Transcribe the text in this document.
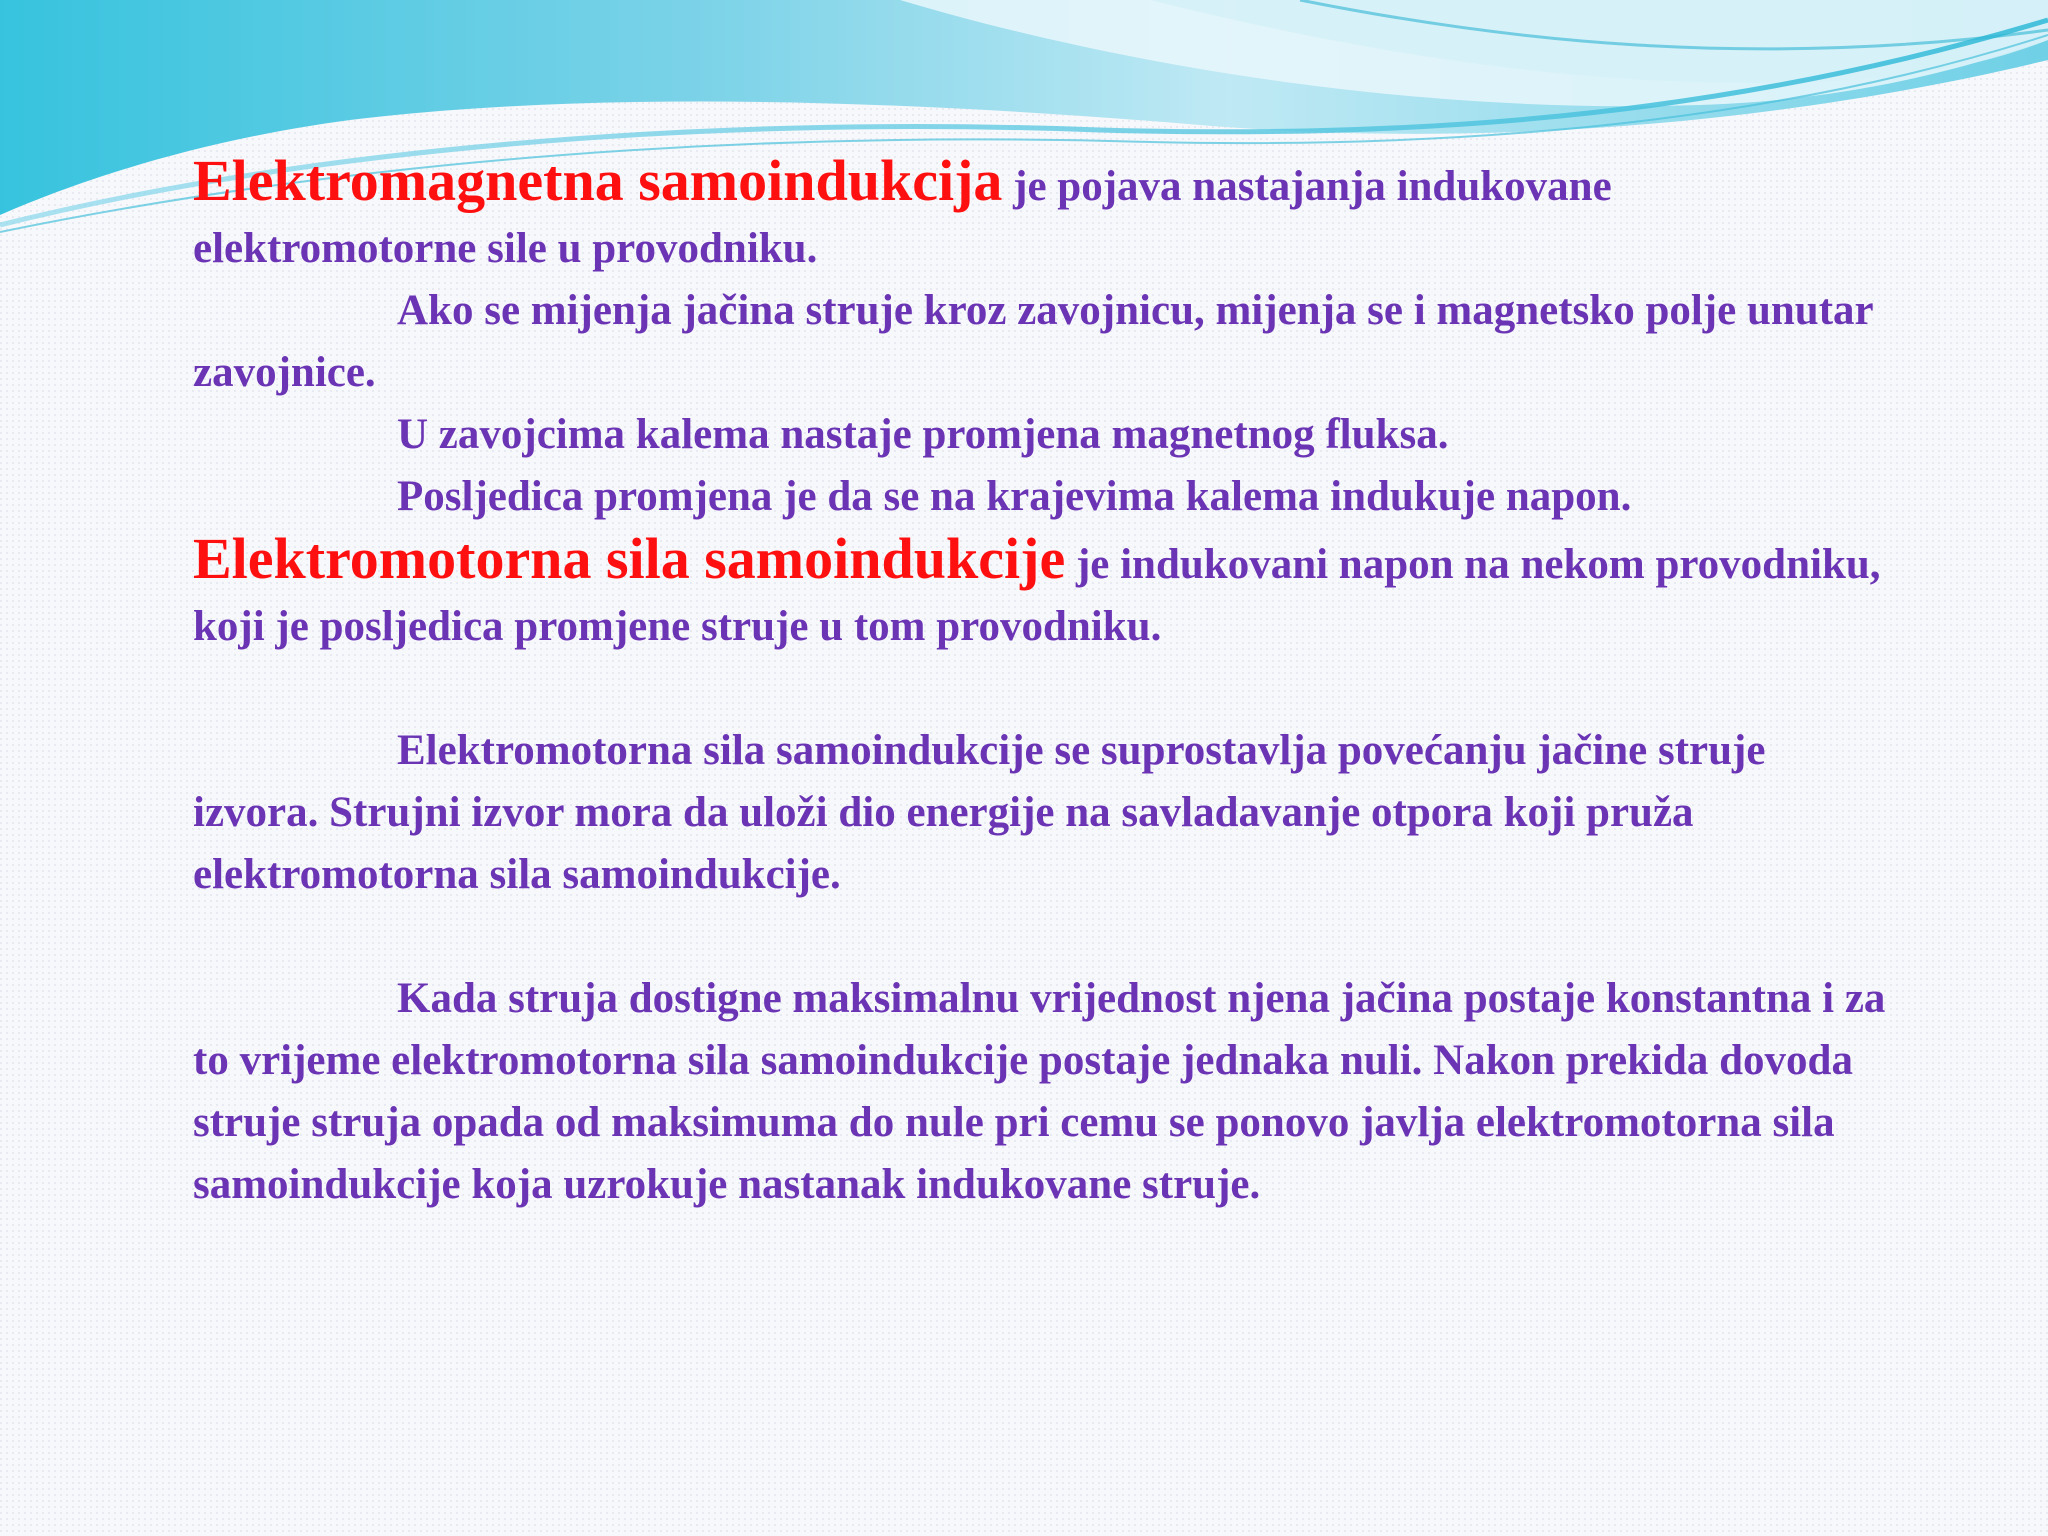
Elektromagnetna samoindukcija je pojava nastajanja indukovane elektromotorne sile u provodniku.

Ako se mijenja jačina struje kroz zavojnicu, mijenja se i magnetsko polje unutar zavojnice.

U zavojcima kalema nastaje promjena magnetnog fluksa.

Posljedica promjena je da se na krajevima kalema indukuje napon.

Elektromotorna sila samoindukcije je indukovani napon na nekom provodniku, koji je posljedica promjene struje u tom provodniku.

Elektromotorna sila samoindukcije se suprostavlja povećanju jačine struje izvora. Strujni izvor mora da uloži dio energije na savladavanje otpora koji pruža elektromotorna sila samoindukcije.

Kada struja dostigne maksimalnu vrijednost njena jačina postaje konstantna i za to vrijeme elektromotorna sila samoindukcije postaje jednaka nuli. Nakon prekida dovoda struje struja opada od maksimuma do nule pri cemu se ponovo javlja elektromotorna sila samoindukcije koja uzrokuje nastanak indukovane struje.
